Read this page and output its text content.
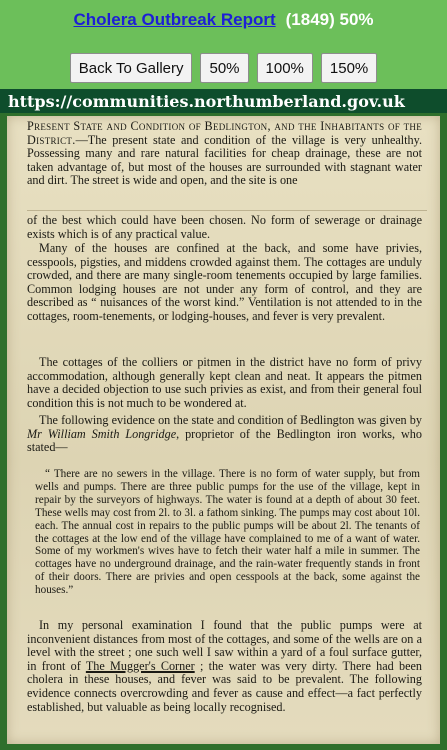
Cholera Outbreak Report (1849) 50%
Back To Gallery	50%	100%	150%
https://communities.northumberland.gov.uk

Present State and Condition of Bedlington, and the Inhabitants of the District.—The present state and condition of the village is very unhealthy. Possessing many and rare natural facilities for cheap drainage, these are not taken advantage of, but most of the houses are surrounded with stagnant water and dirt. The street is wide and open, and the site is one

of the best which could have been chosen. No form of sewerage or drainage exists which is of any practical value.

Many of the houses are confined at the back, and some have privies, cesspools, pigsties, and middens crowded against them. The cottages are unduly crowded, and there are many single-room tenements occupied by large families. Common lodging houses are not under any form of control, and they are described as “ nuisances of the worst kind.” Ventilation is not attended to in the cottages, room-tenements, or lodging-houses, and fever is very prevalent.

The cottages of the colliers or pitmen in the district have no form of privy accommodation, although generally kept clean and neat. It appears the pitmen have a decided objection to use such privies as exist, and from their general foul condition this is not much to be wondered at.

The following evidence on the state and condition of Bedlington was given by Mr William Smith Longridge, proprietor of the Bedlington iron works, who stated—

“ There are no sewers in the village. There is no form of water supply, but from wells and pumps. There are three public pumps for the use of the village, kept in repair by the surveyors of highways. The water is found at a depth of about 30 feet. These wells may cost from 2l. to 3l. a fathom sinking. The pumps may cost about 10l. each. The annual cost in repairs to the public pumps will be about 2l. The tenants of the cottages at the low end of the village have complained to me of a want of water. Some of my workmen's wives have to fetch their water half a mile in summer. The cottages have no underground drainage, and the rain-water frequently stands in front of their doors. There are privies and open cesspools at the back, some against the houses.”

In my personal examination I found that the public pumps were at inconvenient distances from most of the cottages, and some of the wells are on a level with the street ; one such well I saw within a yard of a foul surface gutter, in front of The Mugger's Corner ; the water was very dirty. There had been cholera in these houses, and fever was said to be prevalent. The following evidence connects overcrowding and fever as cause and effect—a fact perfectly established, but valuable as being locally recognised.
